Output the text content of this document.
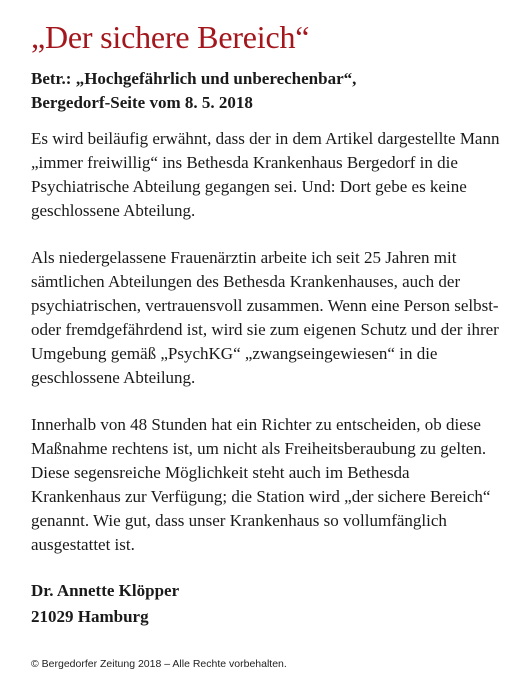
„Der sichere Bereich“
Betr.: „Hochgefährlich und unberechenbar“,
Bergedorf-Seite vom 8. 5. 2018

Es wird beiläufig erwähnt, dass der in dem Artikel dargestellte Mann „immer freiwillig“ ins Bethesda Krankenhaus Bergedorf in die Psychiatrische Abteilung gegangen sei. Und: Dort gebe es keine geschlossene Abteilung.

Als niedergelassene Frauenärztin arbeite ich seit 25 Jahren mit sämtlichen Abteilungen des Bethesda Krankenhauses, auch der psychiatrischen, vertrauensvoll zusammen. Wenn eine Person selbst- oder fremdgefährdend ist, wird sie zum eigenen Schutz und der ihrer Umgebung gemäß „PsychKG“ „zwangseingewiesen“ in die geschlossene Abteilung.

Innerhalb von 48 Stunden hat ein Richter zu entscheiden, ob diese Maßnahme rechtens ist, um nicht als Freiheitsberaubung zu gelten. Diese segensreiche Möglichkeit steht auch im Bethesda Krankenhaus zur Verfügung; die Station wird „der sichere Bereich“ genannt. Wie gut, dass unser Krankenhaus so vollumfänglich ausgestattet ist.

Dr. Annette Klöpper
21029 Hamburg
© Bergedorfer Zeitung 2018 – Alle Rechte vorbehalten.
